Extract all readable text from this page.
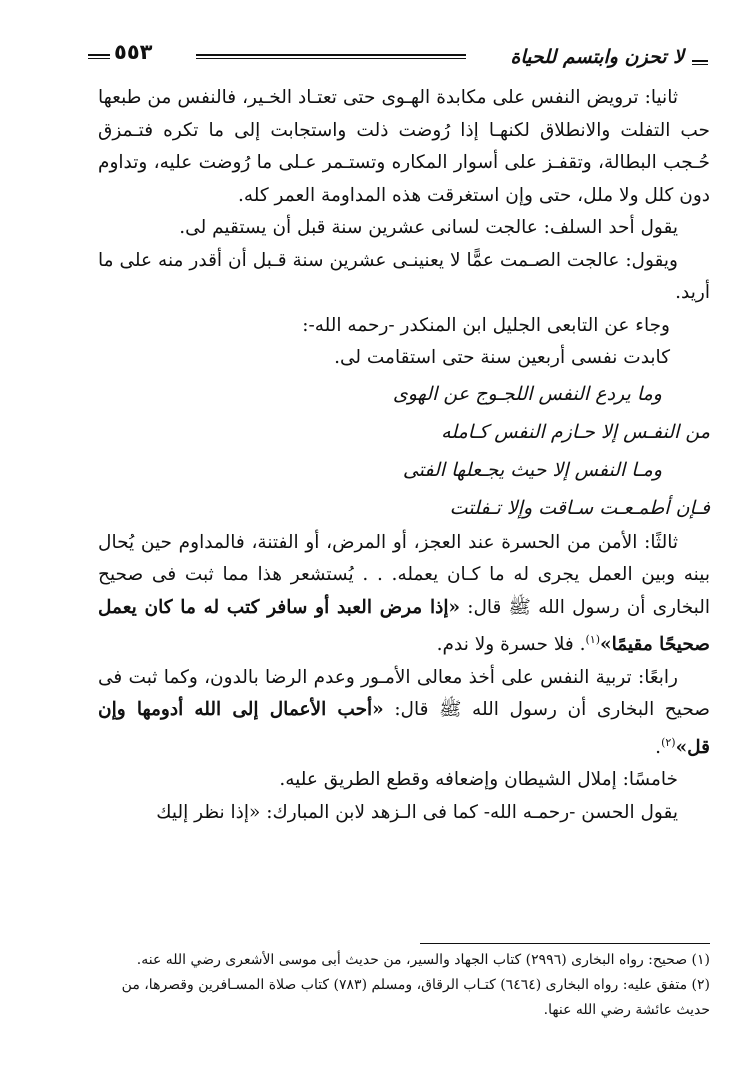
٥٥٣	لا تحزن وابتسم للحياة

ثانيا: ترويض النفس على مكابدة الهـوى حتى تعتـاد الخـير، فالنفس من طبعها حب التفلت والانطلاق لكنهـا إذا رُوضت ذلت واستجابت إلى ما تكره فتـمزق حُـجب البطالة، وتقفـز على أسوار المكاره وتستـمر عـلى ما رُوضت عليه، وتداوم دون كلل ولا ملل، حتى وإن استغرقت هذه المداومة العمر كله.

يقول أحد السلف: عالجت لسانى عشرين سنة قبل أن يستقيم لى.

ويقول: عالجت الصـمت عمًّا لا يعنينـى عشرين سنة قـبل أن أقدر منه على ما أريد.

وجاء عن التابعى الجليل ابن المنكدر -رحمه الله-:

كابدت نفسى أربعين سنة حتى استقامت لى.

وما يردع النفس اللجـوج عن الهوى
من النفـس إلا حـازم النفس كـامله
ومـا النفس إلا حيث يجـعلها الفتى
فـإن أطمـعـت سـاقت وإلا تـفلتت

ثالثًا: الأمن من الحسرة عند العجز، أو المرض، أو الفتنة، فالمداوم حين يُحال بينه وبين العمل يجرى له ما كـان يعمله. . . يُستشعر هذا مما ثبت فى صحيح البخارى أن رسول الله ﷺ قال: «إذا مرض العبد أو سافر كتب له ما كان يعمل صحيحًا مقيمًا»$^{(١)}$. فلا حسرة ولا ندم.

رابعًا: تربية النفس على أخذ معالى الأمـور وعدم الرضا بالدون، وكما ثبت فى صحيح البخارى أن رسول الله ﷺ قال: «أحب الأعمال إلى الله أدومها وإن قل»$^{(٢)}$.

خامسًا: إملال الشيطان وإضعافه وقطع الطريق عليه.

يقول الحسن -رحمـه الله- كما فى الـزهد لابن المبارك: «إذا نظر إليك

(١) صحيح: رواه البخارى (٢٩٩٦) كتاب الجهاد والسير، من حديث أبى موسى الأشعرى رضي الله عنه.

(٢) متفق عليه: رواه البخارى (٦٤٦٤) كتـاب الرقاق، ومسلم (٧٨٣) كتاب صلاة المسـافرين وقصرها، من حديث عائشة رضي الله عنها.
